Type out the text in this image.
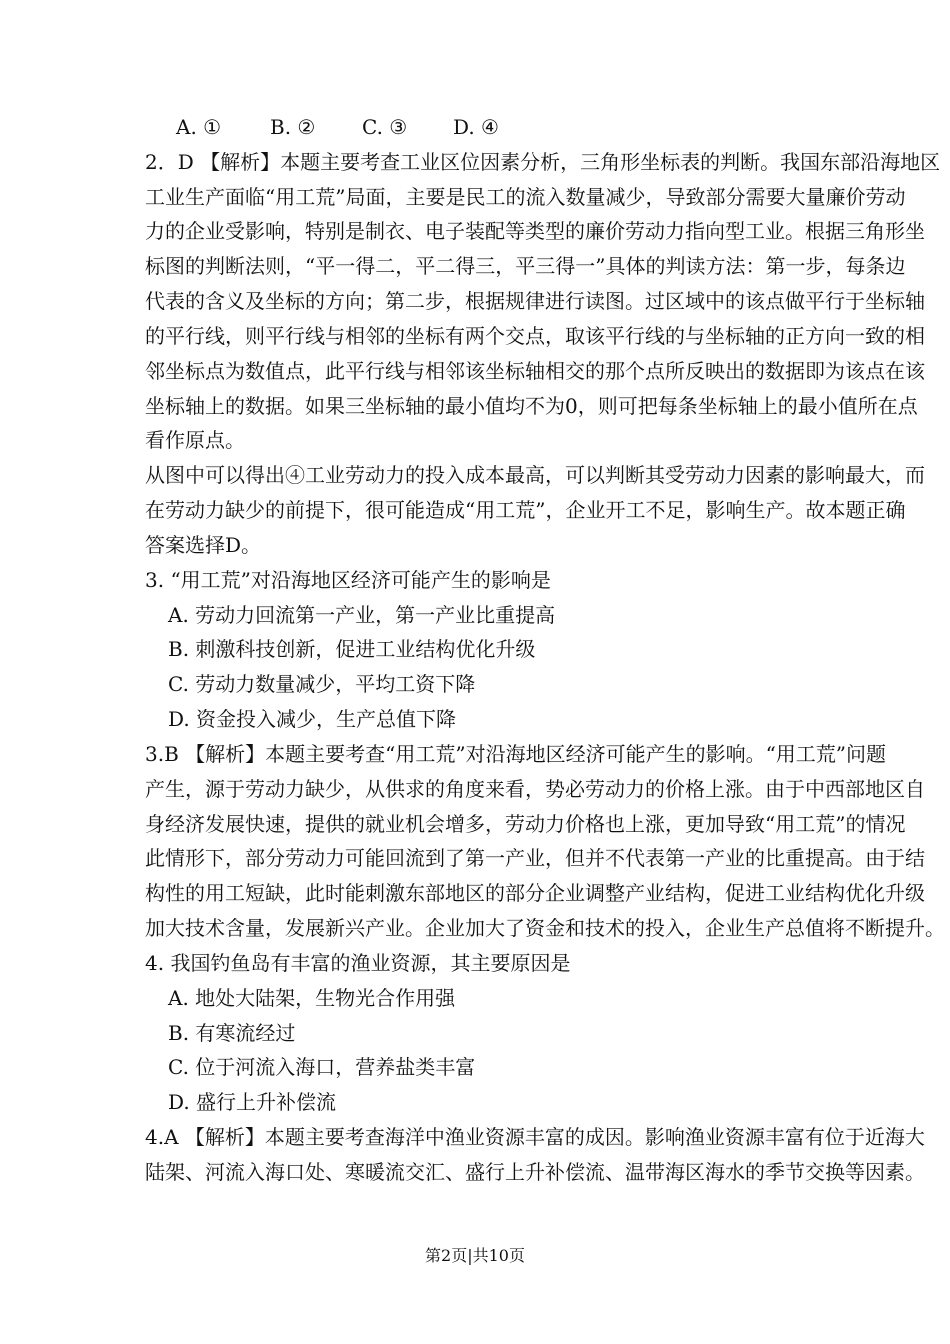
A. ① B. ② C. ③ D. ④
2．D 【解析】本题主要考查工业区位因素分析，三角形坐标表的判断。我国东部沿海地区
工业生产面临“用工荒”局面，主要是民工的流入数量减少，导致部分需要大量廉价劳动
力的企业受影响，特别是制衣、电子装配等类型的廉价劳动力指向型工业。根据三角形坐
标图的判断法则，“平一得二，平二得三，平三得一”具体的判读方法：第一步，每条边
代表的含义及坐标的方向；第二步，根据规律进行读图。过区域中的该点做平行于坐标轴
的平行线，则平行线与相邻的坐标有两个交点，取该平行线的与坐标轴的正方向一致的相
邻坐标点为数值点，此平行线与相邻该坐标轴相交的那个点所反映出的数据即为该点在该
坐标轴上的数据。如果三坐标轴的最小值均不为0，则可把每条坐标轴上的最小值所在点
看作原点。
从图中可以得出④工业劳动力的投入成本最高，可以判断其受劳动力因素的影响最大，而
在劳动力缺少的前提下，很可能造成“用工荒”，企业开工不足，影响生产。故本题正确
答案选择D。
3. “用工荒”对沿海地区经济可能产生的影响是
A. 劳动力回流第一产业，第一产业比重提高
B. 刺激科技创新，促进工业结构优化升级
C. 劳动力数量减少，平均工资下降
D. 资金投入减少，生产总值下降
3.B 【解析】本题主要考查“用工荒”对沿海地区经济可能产生的影响。“用工荒”问题
产生，源于劳动力缺少，从供求的角度来看，势必劳动力的价格上涨。由于中西部地区自
身经济发展快速，提供的就业机会增多，劳动力价格也上涨，更加导致“用工荒”的情况
此情形下，部分劳动力可能回流到了第一产业，但并不代表第一产业的比重提高。由于结
构性的用工短缺，此时能刺激东部地区的部分企业调整产业结构，促进工业结构优化升级
加大技术含量，发展新兴产业。企业加大了资金和技术的投入，企业生产总值将不断提升。
4. 我国钓鱼岛有丰富的渔业资源，其主要原因是
A. 地处大陆架，生物光合作用强
B. 有寒流经过
C. 位于河流入海口，营养盐类丰富
D. 盛行上升补偿流
4.A 【解析】本题主要考查海洋中渔业资源丰富的成因。影响渔业资源丰富有位于近海大
陆架、河流入海口处、寒暖流交汇、盛行上升补偿流、温带海区海水的季节交换等因素。
第2页|共10页
